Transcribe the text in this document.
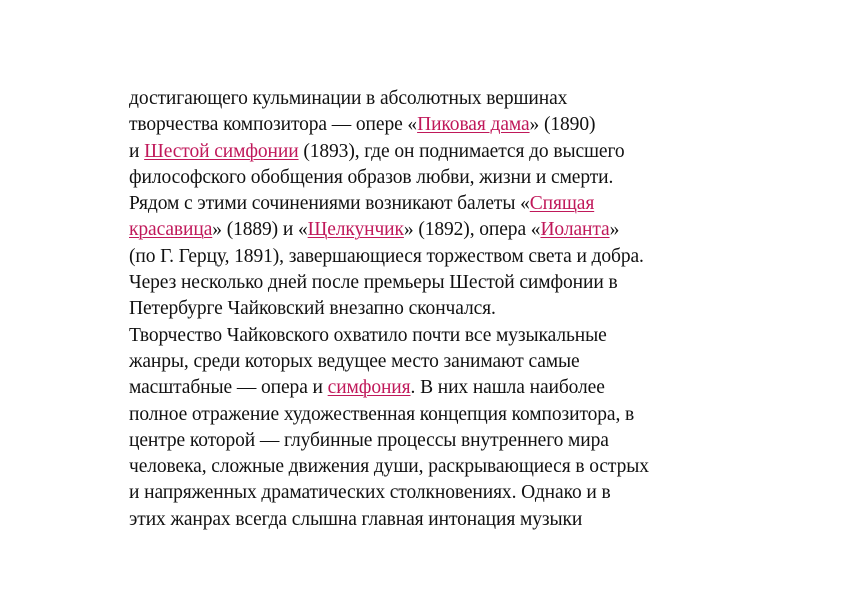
достигающего кульминации в абсолютных вершинах
творчества композитора — опере «Пиковая дама» (1890)
и Шестой симфонии (1893), где он поднимается до высшего
философского обобщения образов любви, жизни и смерти.
Рядом с этими сочинениями возникают балеты «Спящая
красавица» (1889) и «Щелкунчик» (1892), опера «Иоланта»
(по Г. Герцу, 1891), завершающиеся торжеством света и добра.
Через несколько дней после премьеры Шестой симфонии в
Петербурге Чайковский внезапно скончался.
Творчество Чайковского охватило почти все музыкальные
жанры, среди которых ведущее место занимают самые
масштабные — опера и симфония. В них нашла наиболее
полное отражение художественная концепция композитора, в
центре которой — глубинные процессы внутреннего мира
человека, сложные движения души, раскрывающиеся в острых
и напряженных драматических столкновениях. Однако и в
этих жанрах всегда слышна главная интонация музыки
